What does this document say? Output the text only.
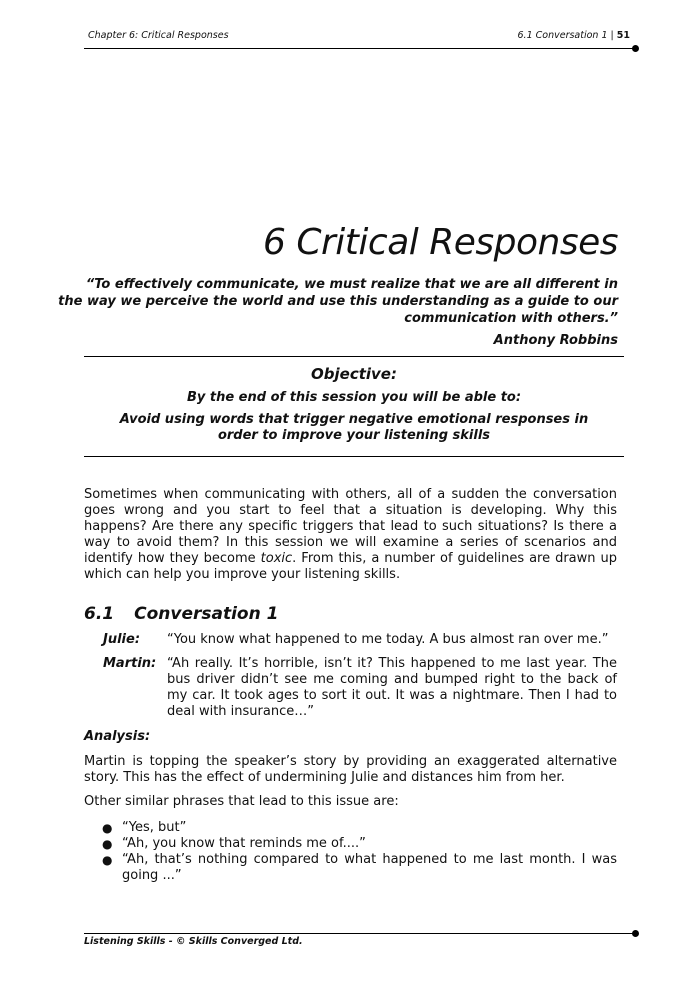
Chapter 6: Critical Responses	6.1 Conversation 1 | 51
6 Critical Responses

“To effectively communicate, we must realize that we are all different in the way we perceive the world and use this understanding as a guide to our communication with others.”

Anthony Robbins

Objective:
By the end of this session you will be able to:
Avoid using words that trigger negative emotional responses in order to improve your listening skills

Sometimes when communicating with others, all of a sudden the conversation goes wrong and you start to feel that a situation is developing. Why this happens? Are there any specific triggers that lead to such situations? Is there a way to avoid them? In this session we will examine a series of scenarios and identify how they become toxic. From this, a number of guidelines are drawn up which can help you improve your listening skills.

6.1 Conversation 1
Julie:	“You know what happened to me today. A bus almost ran over me.”
Martin: “Ah really. It’s horrible, isn’t it? This happened to me last year. The bus driver didn’t see me coming and bumped right to the back of my car. It took ages to sort it out. It was a nightmare. Then I had to deal with insurance…”

Analysis:

Martin is topping the speaker’s story by providing an exaggerated alternative story. This has the effect of undermining Julie and distances him from her.

Other similar phrases that lead to this issue are:

● “Yes, but”
● “Ah, you know that reminds me of....”
● “Ah, that’s nothing compared to what happened to me last month. I was going ...”
Listening Skills - © Skills Converged Ltd.
